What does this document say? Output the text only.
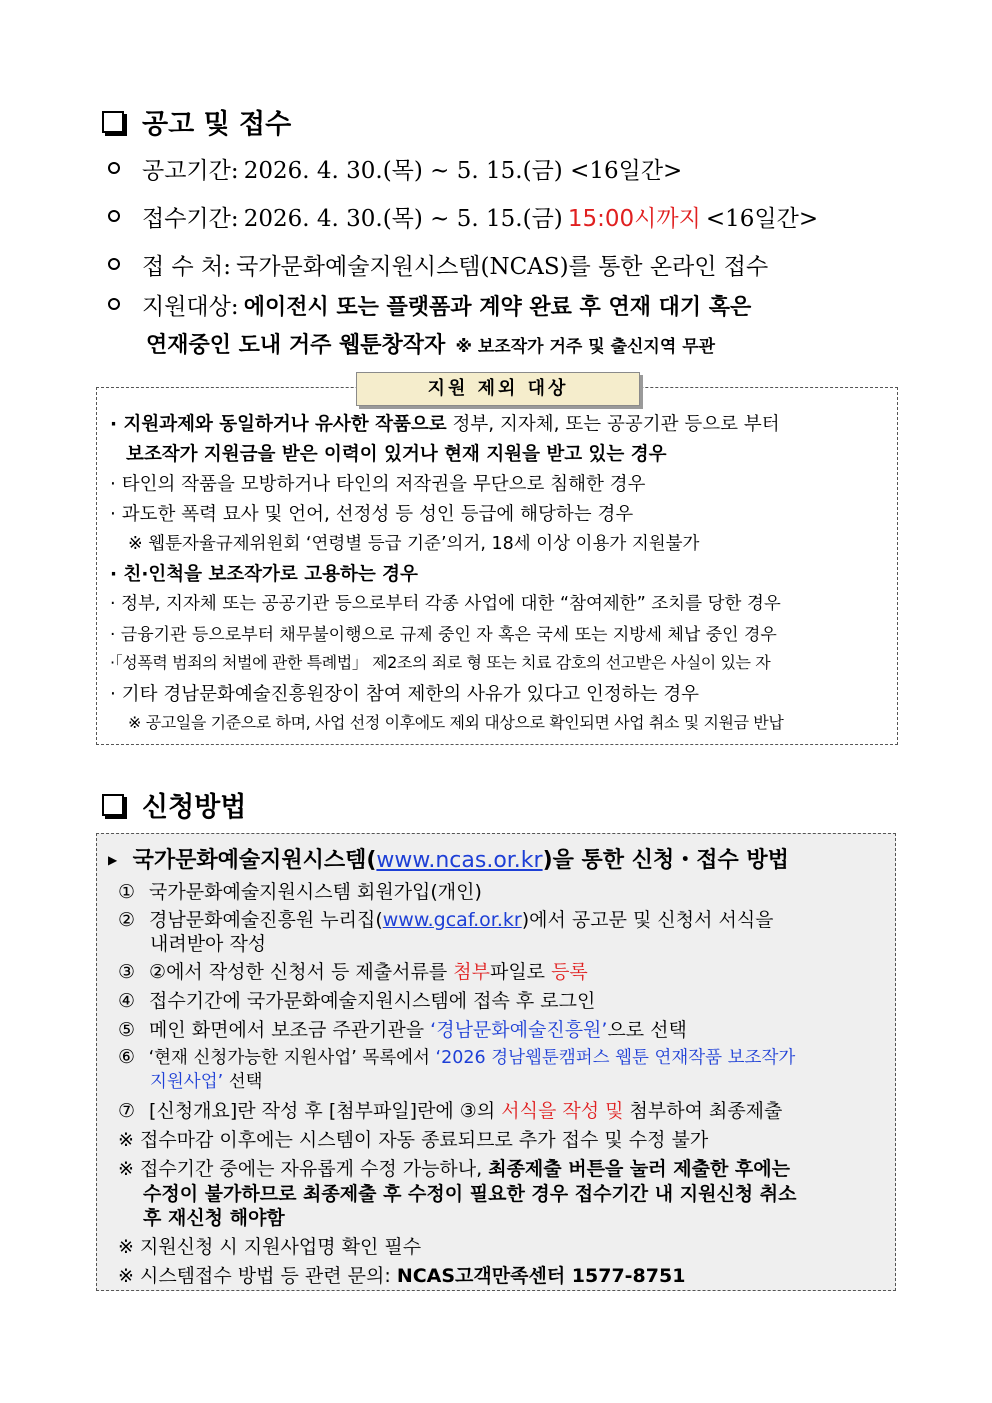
공고 및 접수
공고기간:
2026. 4. 30.(목) ~ 5. 15.(금) <16일간>
접수기간:
2026. 4. 30.(목) ~ 5. 15.(금)
15:00시까지
<16일간>
접 수 처:
국가문화예술지원시스템(NCAS)를 통한 온라인 접수
지원대상:
에이전시 또는 플랫폼과 계약 완료 후 연재 대기 혹은
연재중인 도내 거주 웹툰창작자
※ 보조작가 거주 및 출신지역 무관
지원 제외 대상
· 지원과제와 동일하거나 유사한 작품으로 정부, 지자체, 또는 공공기관 등으로 부터
보조작가 지원금을 받은 이력이 있거나 현재 지원을 받고 있는 경우
· 타인의 작품을 모방하거나 타인의 저작권을 무단으로 침해한 경우
· 과도한 폭력 묘사 및 언어, 선정성 등 성인 등급에 해당하는 경우
※ 웹툰자율규제위원회 ‘연령별 등급 기준’의거, 18세 이상 이용가 지원불가
· 친·인척을 보조작가로 고용하는 경우
· 정부, 지자체 또는 공공기관 등으로부터 각종 사업에 대한 “참여제한” 조치를 당한 경우
· 금융기관 등으로부터 채무불이행으로 규제 중인 자 혹은 국세 또는 지방세 체납 중인 경우
·「성폭력 범죄의 처벌에 관한 특례법」 제2조의 죄로 형 또는 치료 감호의 선고받은 사실이 있는 자
· 기타 경남문화예술진흥원장이 참여 제한의 사유가 있다고 인정하는 경우
※ 공고일을 기준으로 하며, 사업 선정 이후에도 제외 대상으로 확인되면 사업 취소 및 지원금 반납
신청방법
▶ 국가문화예술지원시스템(www.ncas.or.kr)을 통한 신청・접수 방법
① 국가문화예술지원시스템 회원가입(개인)
② 경남문화예술진흥원 누리집(www.gcaf.or.kr)에서 공고문 및 신청서 서식을
내려받아 작성
③ ②에서 작성한 신청서 등 제출서류를 첨부파일로 등록
④ 접수기간에 국가문화예술지원시스템에 접속 후 로그인
⑤ 메인 화면에서 보조금 주관기관을 ‘경남문화예술진흥원’으로 선택
⑥ ‘현재 신청가능한 지원사업’ 목록에서 ‘2026 경남웹툰캠퍼스 웹툰 연재작품 보조작가
지원사업’ 선택
⑦ [신청개요]란 작성 후 [첨부파일]란에 ③의 서식을 작성 및 첨부하여 최종제출
※ 접수마감 이후에는 시스템이 자동 종료되므로 추가 접수 및 수정 불가
※ 접수기간 중에는 자유롭게 수정 가능하나, 최종제출 버튼을 눌러 제출한 후에는
수정이 불가하므로 최종제출 후 수정이 필요한 경우 접수기간 내 지원신청 취소
후 재신청 해야함
※ 지원신청 시 지원사업명 확인 필수
※ 시스템접수 방법 등 관련 문의: NCAS고객만족센터 1577-8751
